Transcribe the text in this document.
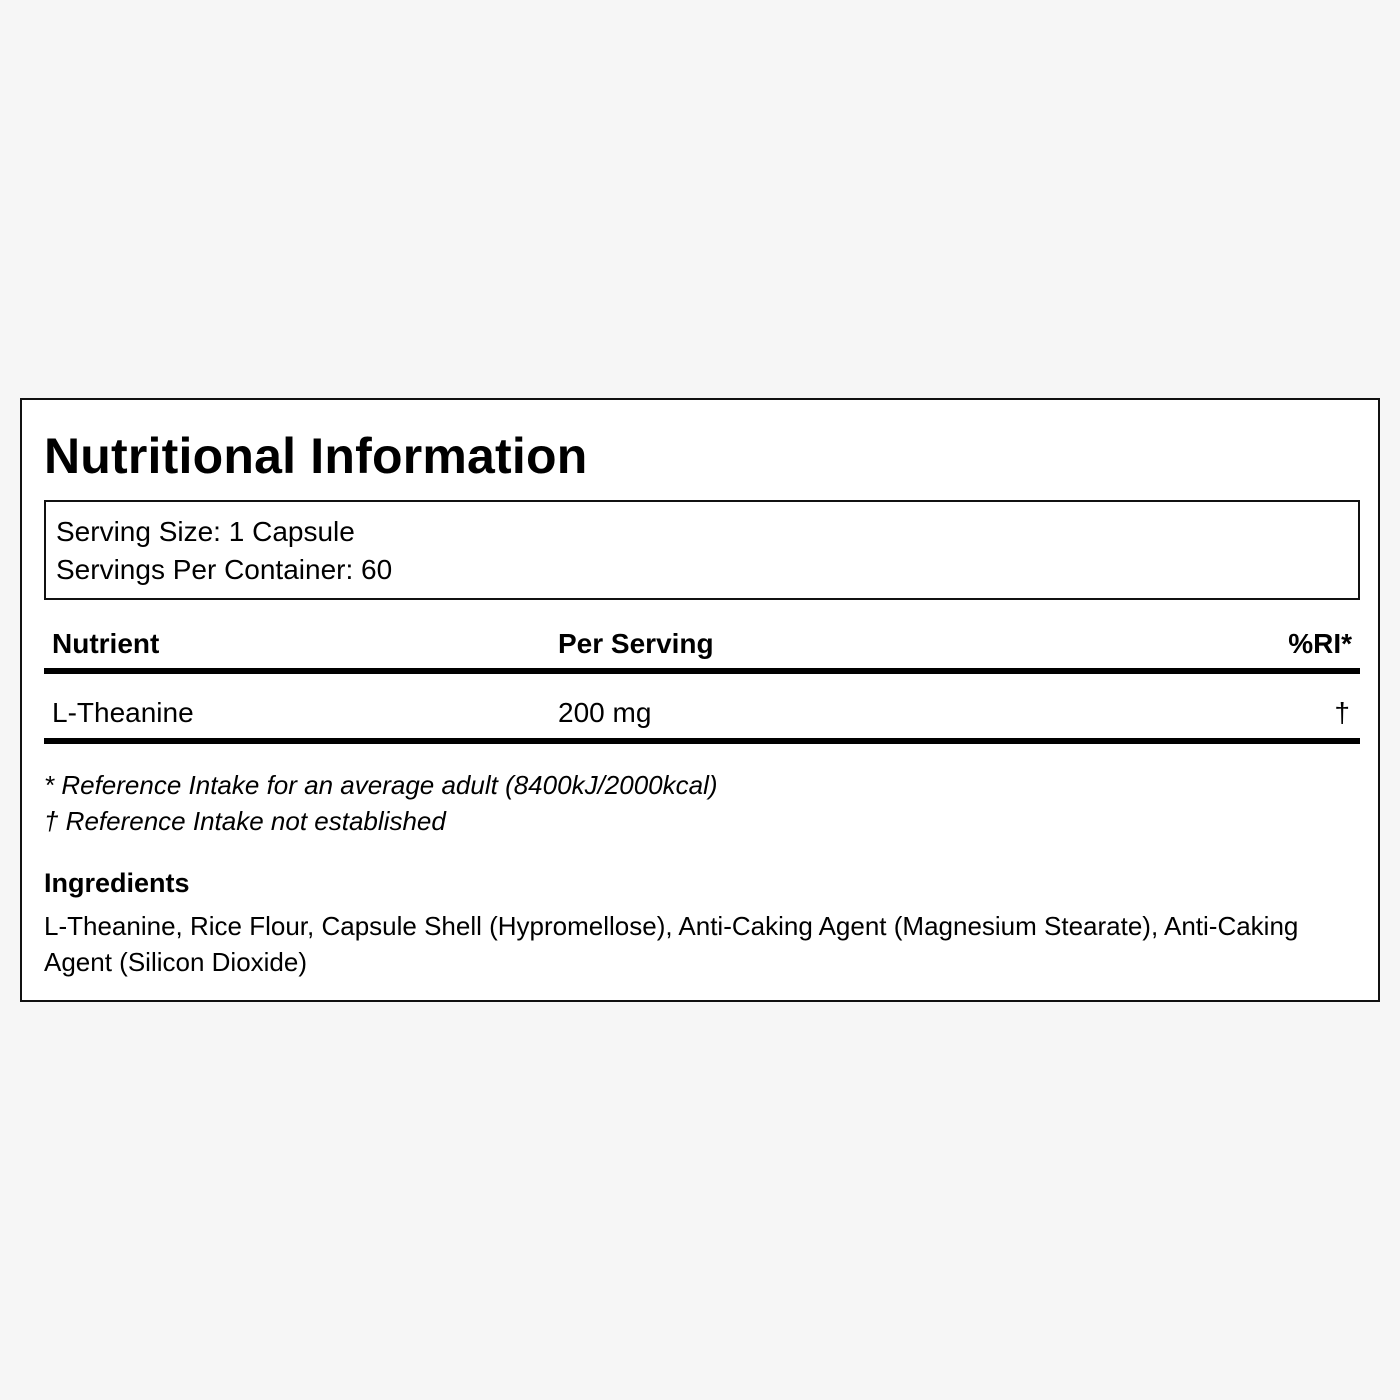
Nutritional Information
Serving Size: 1 Capsule
Servings Per Container: 60
Nutrient	Per Serving	%RI*
L-Theanine	200 mg	†
* Reference Intake for an average adult (8400kJ/2000kcal)
† Reference Intake not established
Ingredients
L-Theanine, Rice Flour, Capsule Shell (Hypromellose), Anti-Caking Agent (Magnesium Stearate), Anti-Caking Agent (Silicon Dioxide)
